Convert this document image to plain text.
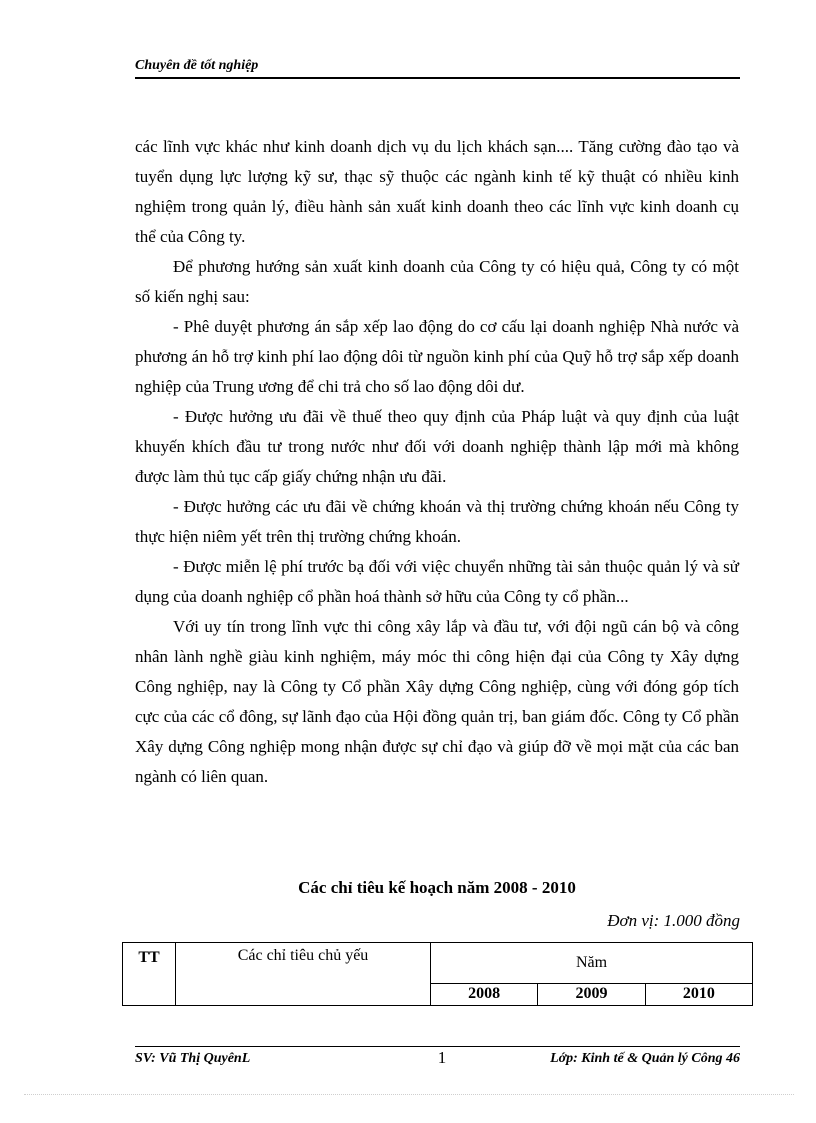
Chuyên đề tốt nghiệp

các lĩnh vực khác như kinh doanh dịch vụ du lịch khách sạn.... Tăng cường đào tạo và tuyển dụng lực lượng kỹ sư, thạc sỹ thuộc các ngành kinh tế kỹ thuật có nhiều kinh nghiệm trong quản lý, điều hành sản xuất kinh doanh theo các lĩnh vực kinh doanh cụ thể của Công ty.

Để phương hướng sản xuất kinh doanh của Công ty có hiệu quả, Công ty có một số kiến nghị sau:

- Phê duyệt phương án sắp xếp lao động do cơ cấu lại doanh nghiệp Nhà nước và phương án hỗ trợ kinh phí lao động dôi từ nguồn kinh phí của Quỹ hỗ trợ sắp xếp doanh nghiệp của Trung ương để chi trả cho số lao động dôi dư.

- Được hưởng ưu đãi về thuế theo quy định của Pháp luật và quy định của luật khuyến khích đầu tư trong nước như đối với doanh nghiệp thành lập mới mà không được làm thủ tục cấp giấy chứng nhận ưu đãi.

- Được hưởng các ưu đãi về chứng khoán và thị trường chứng khoán nếu Công ty thực hiện niêm yết trên thị trường chứng khoán.

- Được miễn lệ phí trước bạ đối với việc chuyển những tài sản thuộc quản lý và sử dụng của doanh nghiệp cổ phần hoá thành sở hữu của Công ty cổ phần...

Với uy tín trong lĩnh vực thi công xây lắp và đầu tư, với đội ngũ cán bộ và công nhân lành nghề giàu kinh nghiệm, máy móc thi công hiện đại của Công ty Xây dựng Công nghiệp, nay là Công ty Cổ phần Xây dựng Công nghiệp, cùng với đóng góp tích cực của các cổ đông, sự lãnh đạo của Hội đồng quản trị, ban giám đốc. Công ty Cổ phần Xây dựng Công nghiệp mong nhận được sự chỉ đạo và giúp đỡ về mọi mặt của các ban ngành có liên quan.

Các chỉ tiêu kế hoạch năm 2008 - 2010
Đơn vị: 1.000 đồng
TT	Các chỉ tiêu chủ yếu	Năm		
		2008	2009	2010
SV: Vũ Thị QuyênL	1	Lớp: Kinh tế & Quản lý Công 46
